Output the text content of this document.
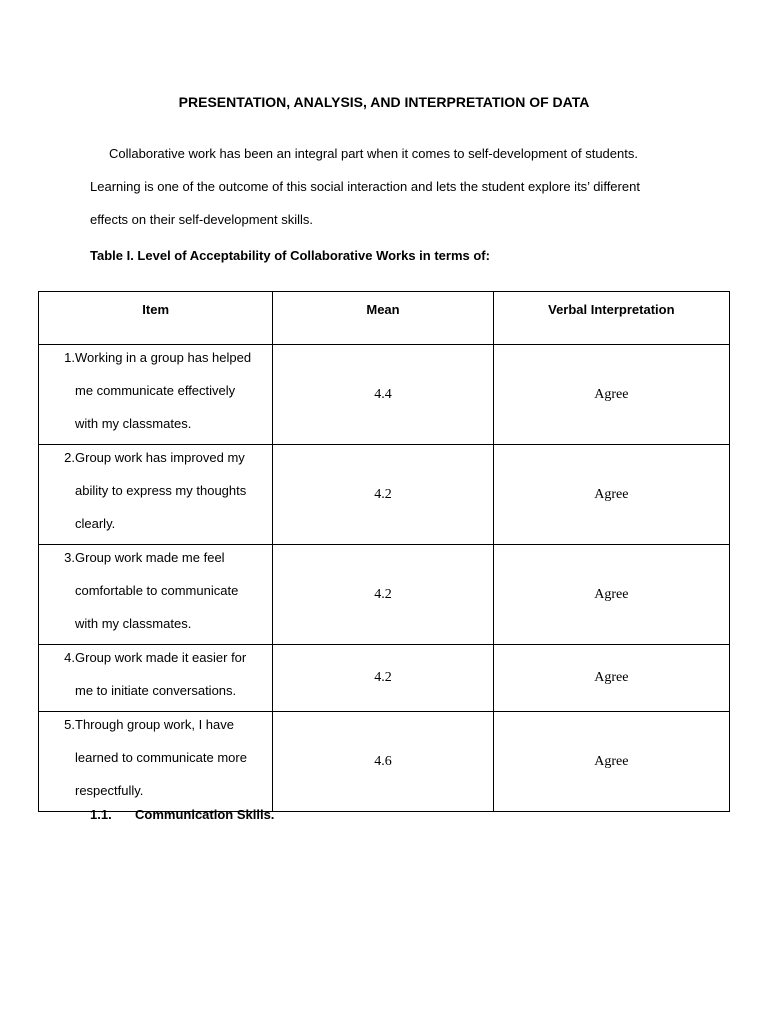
PRESENTATION, ANALYSIS, AND INTERPRETATION OF DATA

Collaborative work has been an integral part when it comes to self-development of students.
Learning is one of the outcome of this social interaction and lets the student explore its’ different
effects on their self-development skills.

Table I. Level of Acceptability of Collaborative Works in terms of:

Item	Mean	Verbal Interpretation

1. Working in a group has helped
me communicate effectively
with my classmates.	4.4	Agree

2. Group work has improved my
ability to express my thoughts
clearly.	4.2	Agree

3. Group work made me feel
comfortable to communicate
with my classmates.	4.2	Agree

4. Group work made it easier for
me to initiate conversations.	4.2	Agree

5. Through group work, I have
learned to communicate more
respectfully.	4.6	Agree

1.1. Communication Skills.
